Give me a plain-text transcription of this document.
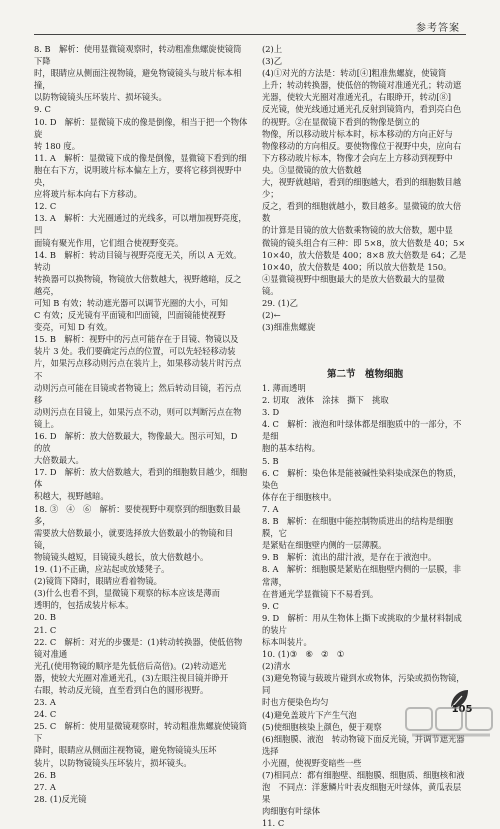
参考答案
8. B　解析：使用显微镜观察时，转动粗准焦螺旋使镜筒下降
时，眼睛应从侧面注视物镜，避免物镜镜头与玻片标本相撞，
以防物镜镜头压坏装片、损坏镜头。
9. C
10. D　解析：显微镜下成的像是倒像，相当于把一个物体旋
转 180 度。
11. A　解析：显微镜下成的像是倒像，显微镜下看到的细
胞在右下方，说明玻片标本偏左上方，要将它移到视野中央，
应将玻片标本向右下方移动。
12. C
13. A　解析：大光圈通过的光线多，可以增加视野亮度，凹
面镜有聚光作用，它们组合使视野变亮。
14. B　解析：转动目镜与视野亮度无关，所以 A 无效。转动
转换器可以换物镜，物镜放大倍数越大，视野越暗，反之越亮，
可知 B 有效；转动遮光器可以调节光圈的大小，可知
C 有效；反光镜有平面镜和凹面镜，凹面镜能使视野
变亮，可知 D 有效。
15. B　解析：视野中的污点可能存在于目镜、物镜以及
装片 3 处。我们要确定污点的位置，可以先轻轻移动装
片，如果污点移动则污点在装片上，如果移动装片时污点不
动则污点可能在目镜或者物镜上；然后转动目镜，若污点移
动则污点在目镜上，如果污点不动，则可以判断污点在物镜上。
16. D　解析：放大倍数最大，物像最大。图示可知，D 的放
大倍数最大。
17. D　解析：放大倍数越大，看到的细胞数目越少，细胞体
积越大，视野越暗。
18. ③　④　⑥　解析：要使视野中观察到的细胞数目最多，
需要放大倍数最小，就要选择放大倍数最小的物镜和目镜，
物镜镜头越短，目镜镜头越长，放大倍数越小。
19. (1)不正确，应站起或放矮凳子。
(2)镜筒下降时，眼睛应看着物镜。
(3)什么也看不到，显微镜下观察的标本应该是薄而
透明的，包括成装片标本。
20. B
21. C
22. C　解析：对光的步骤是：(1)转动转换器，使低倍物镜对准通
光孔(使用物镜的顺序是先低倍后高倍)。(2)转动遮光
器，使较大光圈对准通光孔，(3)左眼注视目镜并睁开
右眼，转动反光镜，直至看到白色的圆形视野。
23. A
24. C
25. C　解析：使用显微镜观察时，转动粗准焦螺旋使镜筒下
降时，眼睛应从侧面注视物镜，避免物镜镜头压坏
装片，以防物镜镜头压坏装片，损坏镜头。
26. B
27. A
28. (1)反光镜
(2)上
(3)乙
(4)①对光的方法是：转动[④]粗准焦螺旋，使镜筒
上升；转动转换器，使低倍的物镜对准通光孔；转动遮
光器，使较大光圈对准通光孔，右眼睁开，转动[⑧]
反光镜，使光线通过通光孔反射到镜筒内，看到亮白色
的视野。②在显微镜下看到的物像是倒立的
物像，所以移动玻片标本时，标本移动的方向正好与
物像移动的方向相反。要使物像位于视野中央，应向右
下方移动玻片标本，物像才会向左上方移动到视野中央。③显微镜的放大倍数越
大，视野就越暗，看到的细胞越大，看到的细胞数目越少；
反之，看到的细胞就越小，数目越多。显微镜的放大倍数
的计算是目镜的放大倍数乘物镜的放大倍数，题中显
微镜的镜头组合有三种：即 5×8，放大倍数是 40；5×
10×40，放大倍数是 400；8×8 放大倍数是 64；乙是
10×40，放大倍数是 400；所以放大倍数是 150。
④显微镜视野中细胞最大的是放大倍数最大的显微
镜。
29. (1)乙
(2)←
(3)细准焦螺旋
第二节　植物细胞
1. 薄而透明
2. 切取　液体　涂抹　撕下　挑取
3. D
4. C　解析：液泡和叶绿体都是细胞质中的一部分，不是细
胞的基本结构。
5. B
6. C　解析：染色体是能被碱性染料染成深色的物质，染色
体存在于细胞核中。
7. A
8. B　解析：在细胞中能控制物质进出的结构是细胞膜，它
是紧贴在细胞壁内侧的一层薄膜。
9. B　解析：流出的甜汁液，是存在于液泡中。
8. A　解析：细胞膜是紧贴在细胞壁内侧的一层膜，非常薄，
在普通光学显微镜下不易看到。
9. C
9. D　解析：用从生物体上撕下或挑取的少量材料制成的装片
标本叫装片。
10. (1)③　⑥　②　①
(2)清水
(3)避免物镜与载玻片碰到水或物体，污染或损伤物镜，同
时也方便染色均匀
(4)避免盖玻片下产生气泡
(5)使细胞核染上颜色，便于观察
(6)细胞膜、液泡　转动物镜下面反光镜，并调节遮光器选择
小光圈，使视野变暗些一些
(7)相同点：都有细胞壁、细胞膜、细胞质、细胞核和液
泡　不同点：洋葱鳞片叶表皮细胞无叶绿体，黄瓜表层果
肉细胞有叶绿体
11. C
105
